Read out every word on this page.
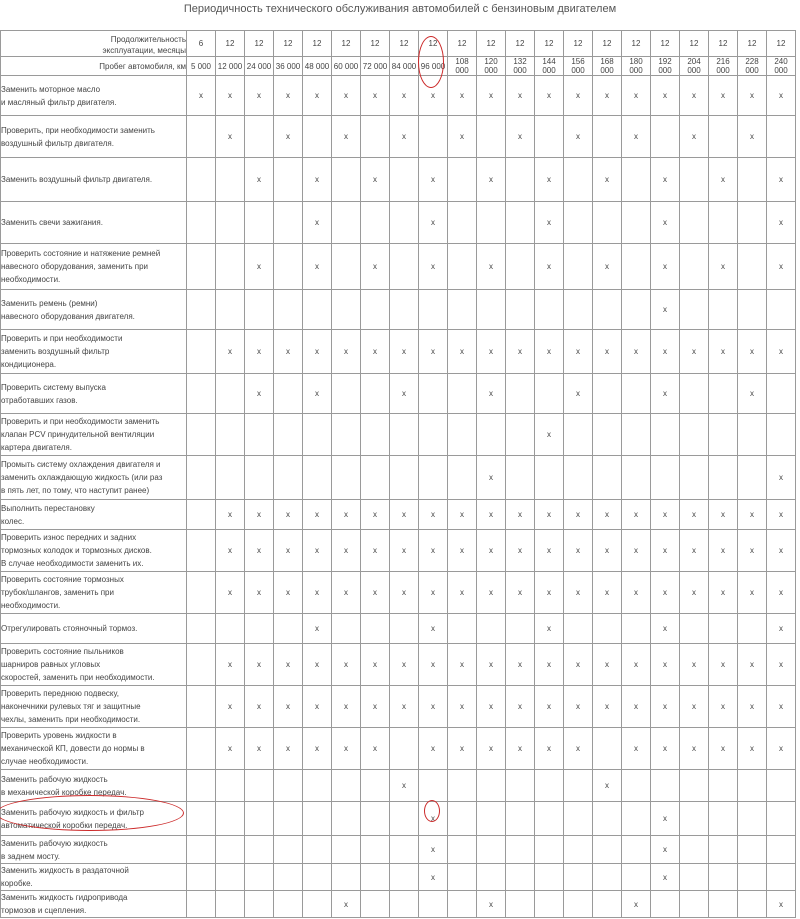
Периодичность технического обслуживания автомобилей с бензиновым двигателем
Продолжительность
эксплуатации, месяцы	6	12	12	12	12	12	12	12	12	12	12	12	12	12	12	12	12	12	12	12	12
Пробег автомобиля, км	5 000	12 000	24 000	36 000	48 000	60 000	72 000	84 000	96 000	108 000	120 000	132 000	144 000	156 000	168 000	180 000	192 000	204 000	216 000	228 000	240 000
Заменить моторное масло
и масляный фильтр двигателя.	x	x	x	x	x	x	x	x	x	x	x	x	x	x	x	x	x	x	x	x	x
Проверить, при необходимости заменить
воздушный фильтр двигателя.		x		x		x		x		x		x		x		x		x		x	
Заменить воздушный фильтр двигателя.			x		x		x		x		x		x		x		x		x		x
Заменить свечи зажигания.					x				x				x				x				x
Проверить состояние и натяжение ремней
навесного оборудования, заменить при
необходимости.			x		x		x		x		x		x		x		x		x		x
Заменить ремень (ремни)
навесного оборудования двигателя.																	x				
Проверить и при необходимости
заменить воздушный фильтр
кондиционера.		x	x	x	x	x	x	x	x	x	x	x	x	x	x	x	x	x	x	x	x
Проверить систему выпуска
отработавших газов.			x		x			x			x			x			x			x	
Проверить и при необходимости заменить
клапан PCV принудительной вентиляции
картера двигателя.													x								
Промыть систему охлаждения двигателя и
заменить охлаждающую жидкость (или раз
в пять лет, по тому, что наступит ранее)											x										x
Выполнить перестановку
колес.		x	x	x	x	x	x	x	x	x	x	x	x	x	x	x	x	x	x	x	x
Проверить износ передних и задних
тормозных колодок и тормозных дисков.
В случае необходимости заменить их.		x	x	x	x	x	x	x	x	x	x	x	x	x	x	x	x	x	x	x	x
Проверить состояние тормозных
трубок/шлангов, заменить при
необходимости.		x	x	x	x	x	x	x	x	x	x	x	x	x	x	x	x	x	x	x	x
Отрегулировать стояночный тормоз.					x				x				x				x				x
Проверить состояние пыльников
шарниров равных угловых
скоростей, заменить при необходимости.		x	x	x	x	x	x	x	x	x	x	x	x	x	x	x	x	x	x	x	x
Проверить переднюю подвеску,
наконечники рулевых тяг и защитные
чехлы, заменить при необходимости.		x	x	x	x	x	x	x	x	x	x	x	x	x	x	x	x	x	x	x	x
Проверить уровень жидкости в
механической КП, довести до нормы в
случае необходимости.		x	x	x	x	x	x		x	x	x	x	x	x		x	x	x	x	x	x
Заменить рабочую жидкость
в механической коробке передач.								x							x						
Заменить рабочую жидкость и фильтр
автоматической коробки передач.									x								x				
Заменить рабочую жидкость
в заднем мосту.									x								x				
Заменить жидкость в раздаточной
коробке.									x								x				
Заменить жидкость гидропривода
тормозов и сцепления.						x					x					x					x
